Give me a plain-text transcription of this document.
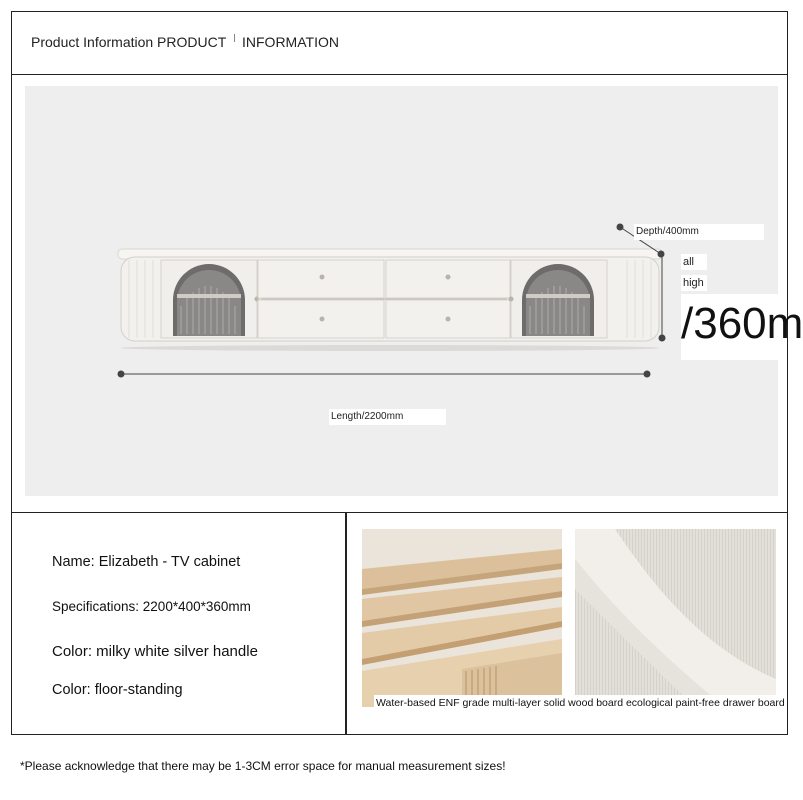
Product Information PRODUCT INFORMATION
Depth/400mm
Length/2200mm
all
high
/360m
Name: Elizabeth - TV cabinet
Specifications: 2200*400*360mm
Color: milky white silver handle
Color: floor-standing
Water-based ENF grade multi-layer solid wood board ecological paint-free drawer board
*Please acknowledge that there may be 1-3CM error space for manual measurement sizes!
